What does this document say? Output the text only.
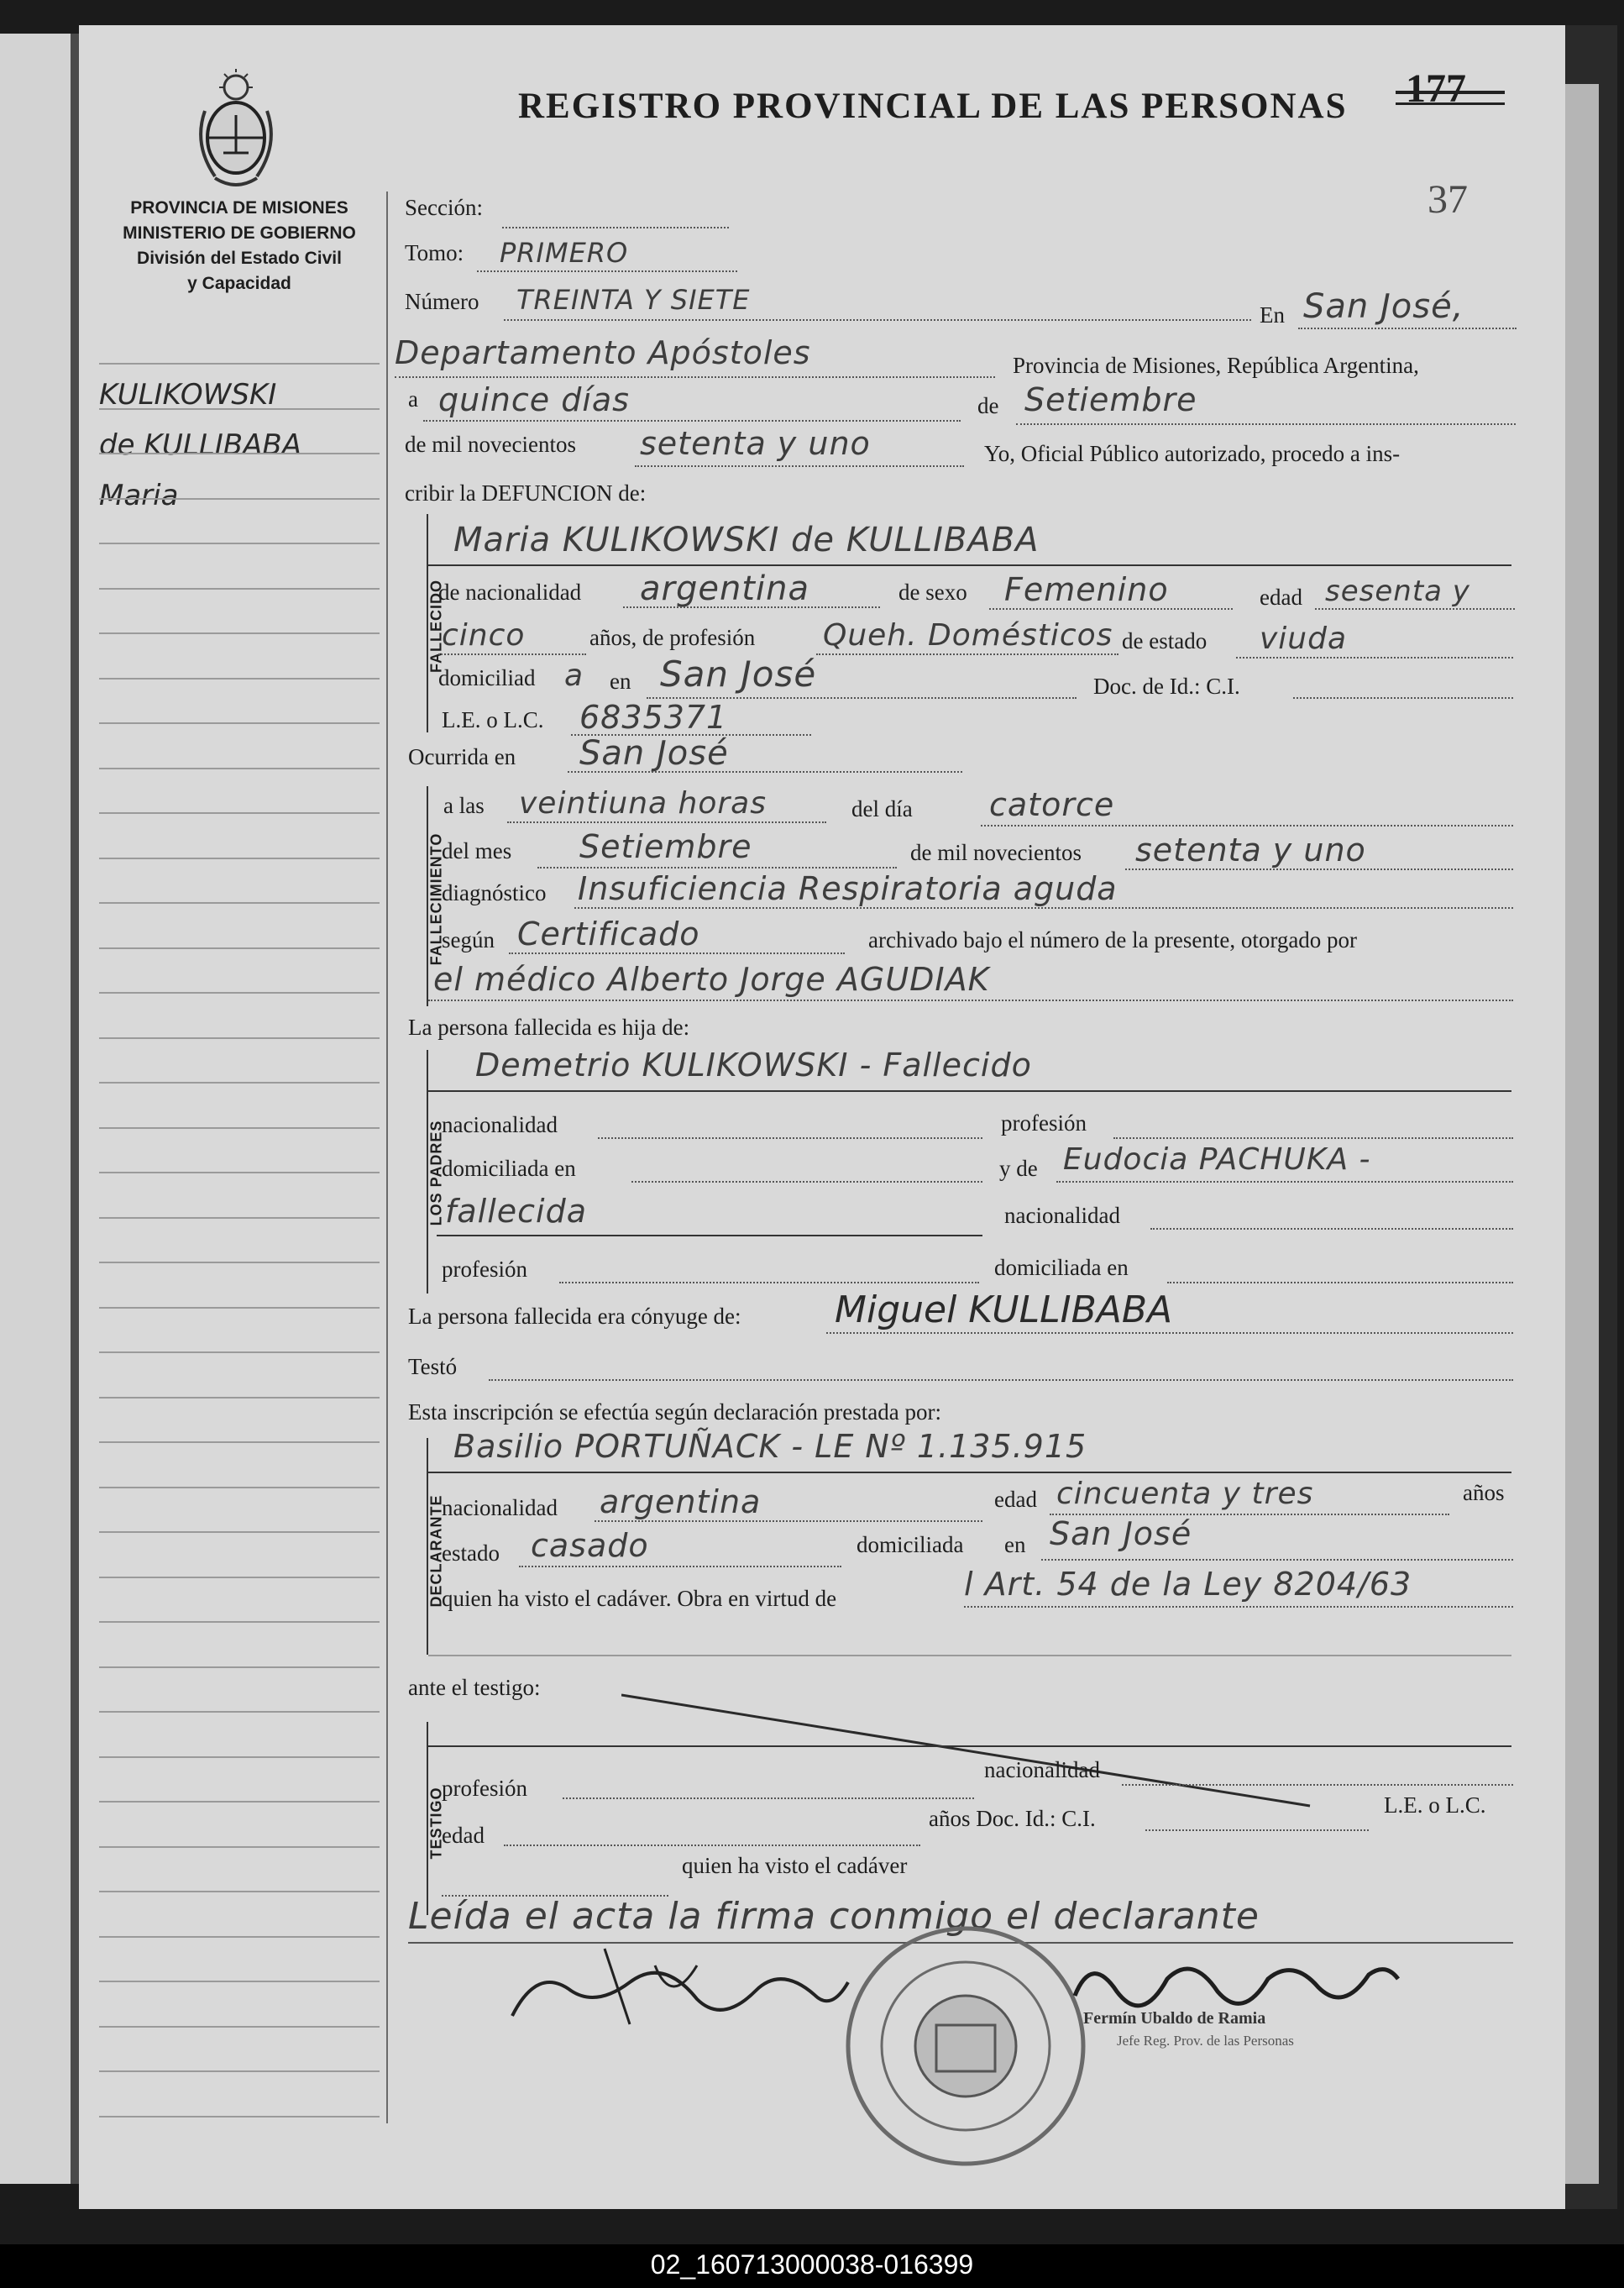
REGISTRO PROVINCIAL DE LAS PERSONAS 177
37
PROVINCIA DE MISIONES
MINISTERIO DE GOBIERNO
División del Estado Civil
y Capacidad
KULIKOWSKI
de KULLIBABA
Maria
Sección:
Tomo: PRIMERO
Número TREINTA Y SIETE	En San José,
Departamento Apóstoles	Provincia de Misiones, República Argentina,
a quince días	de Setiembre
de mil novecientos setenta y uno	Yo, Oficial Público autorizado, procedo a ins-
cribir la DEFUNCION de:
FALLECIDO
Maria KULIKOWSKI de KULLIBABA
de nacionalidad argentina	de sexo Femenino	edad sesenta y
cinco	años, de profesión Queh. Domésticos de estado viuda
domiciliad a en San José	Doc. de Id.: C.I.
L.E. o L.C. 6835371
Ocurrida en San José
FALLECIMIENTO
a las veintiuna horas	del día catorce
del mes Setiembre	de mil novecientos setenta y uno
diagnóstico Insuficiencia Respiratoria aguda
según Certificado	archivado bajo el número de la presente, otorgado por
el médico Alberto Jorge AGUDIAK
La persona fallecida es hija de:
LOS PADRES
Demetrio KULIKOWSKI - Fallecido
nacionalidad	profesión
domiciliada en	y de Eudocia PACHUKA -
fallecida	nacionalidad
profesión	domiciliada en
La persona fallecida era cónyuge de:	Miguel KULLIBABA
Testó
Esta inscripción se efectúa según declaración prestada por:
DECLARANTE
Basilio PORTUÑACK - LE Nº 1.135.915
nacionalidad argentina	edad cincuenta y tres	años
estado casado	domiciliada en San José
quien ha visto el cadáver. Obra en virtud de	l Art. 54 de la Ley 8204/63
ante el testigo:
TESTIGO
profesión
nacionalidad
edad
años Doc. Id.: C.I.
L.E. o L.C.
quien ha visto el cadáver
Leída el acta la firma conmigo el declarante
Fermín Ubaldo de Ramia
Jefe Reg. Prov. de las Personas
02_160713000038-016399
